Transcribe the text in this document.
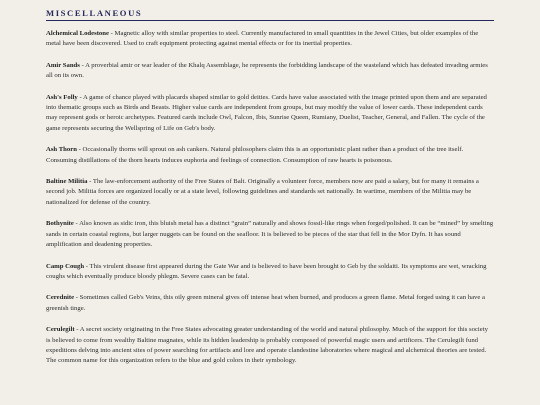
MISCELLANEOUS

Alchemical Lodestone - Magnetic alloy with similar properties to steel. Currently manufactured in small quantities in the Jewel Cities, but older examples of the metal have been discovered. Used to craft equipment protecting against mental effects or for its inertial properties.

Amir Sands - A proverbial amir or war leader of the Khalq Assemblage, he represents the forbidding landscape of the wasteland which has defeated invading armies all on its own.

Ash's Folly - A game of chance played with placards shaped similar to gold deities. Cards have value associated with the image printed upon them and are separated into thematic groups such as Birds and Beasts. Higher value cards are independent from groups, but may modify the value of lower cards. These independent cards may represent gods or heroic archetypes. Featured cards include Owl, Falcon, Ibis, Sunrise Queen, Rumiany, Duelist, Teacher, General, and Fallen. The cycle of the game represents securing the Wellspring of Life on Geb's body.

Ash Thorn - Occasionally thorns will sprout on ash cankers. Natural philosophers claim this is an opportunistic plant rather than a product of the tree itself. Consuming distillations of the thorn hearts induces euphoria and feelings of connection. Consumption of raw hearts is poisonous.

Baltine Militia - The law-enforcement authority of the Free States of Balt. Originally a volunteer force, members now are paid a salary, but for many it remains a second job. Militia forces are organized locally or at a state level, following guidelines and standards set nationally. In wartime, members of the Militia may be nationalized for defense of the country.

Bothynite - Also known as sidic iron, this bluish metal has a distinct “grain” naturally and shows fossil-like rings when forged/polished. It can be “mined” by smelting sands in certain coastal regions, but larger nuggets can be found on the seafloor. It is believed to be pieces of the star that fell in the Mor Dyfn. It has sound amplification and deadening properties.

Camp Cough - This virulent disease first appeared during the Gate War and is believed to have been brought to Geb by the soldaiti. Its symptoms are wet, wracking coughs which eventually produce bloody phlegm. Severe cases can be fatal.

Cerednite - Sometimes called Geb's Veins, this oily green mineral gives off intense heat when burned, and produces a green flame. Metal forged using it can have a greenish tinge.

Cerulegilt - A secret society originating in the Free States advocating greater understanding of the world and natural philosophy. Much of the support for this society is believed to come from wealthy Baltine magnates, while its hidden leadership is probably composed of powerful magic users and artificers. The Cerulegilt fund expeditions delving into ancient sites of power searching for artifacts and lore and operate clandestine laboratories where magical and alchemical theories are tested. The common name for this organization refers to the blue and gold colors in their symbology.
